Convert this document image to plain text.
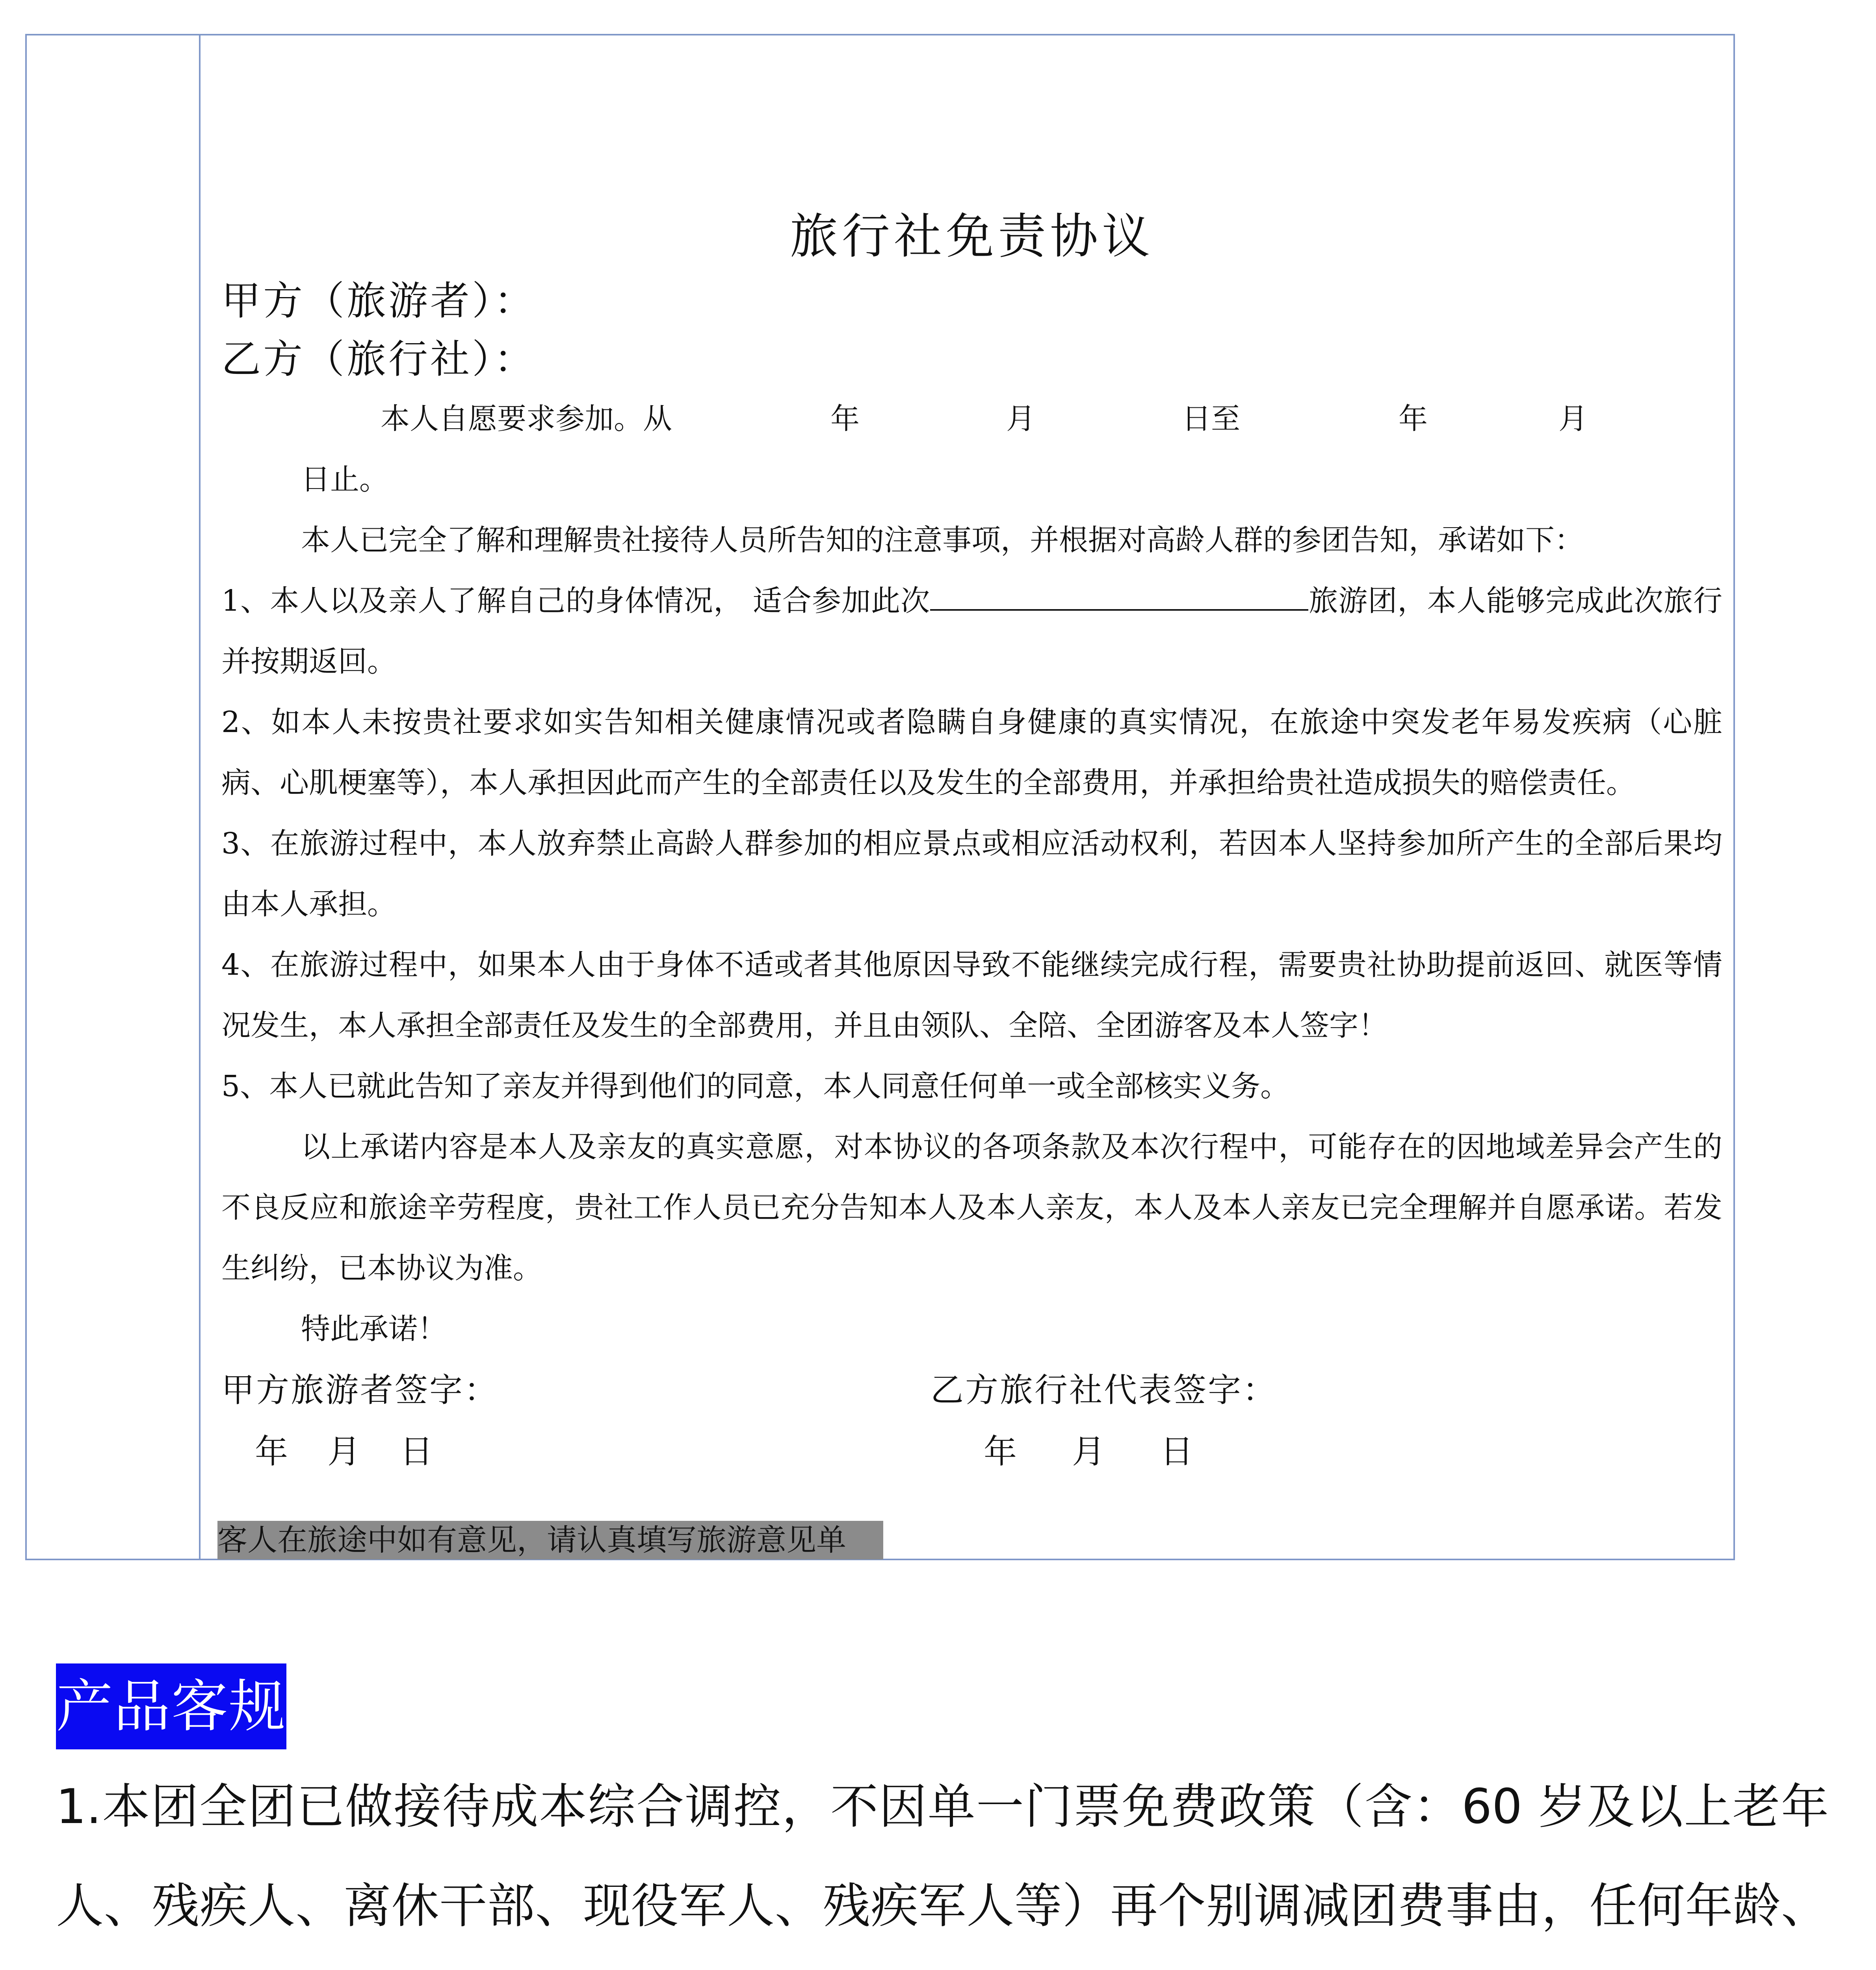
旅行社免责协议
甲方（旅游者）：
乙方（旅行社）：

本人自愿要求参加。从	年	月	日至	年	月日止。

本人已完全了解和理解贵社接待人员所告知的注意事项，并根据对高龄人群的参团告知，承诺如下：

1、本人以及亲人了解自己的身体情况， 适合参加此次	旅游团，本人能够完成此次旅行并按期返回。

2、如本人未按贵社要求如实告知相关健康情况或者隐瞒自身健康的真实情况，在旅途中突发老年易发疾病（心脏病、心肌梗塞等），本人承担因此而产生的全部责任以及发生的全部费用，并承担给贵社造成损失的赔偿责任。

3、在旅游过程中，本人放弃禁止高龄人群参加的相应景点或相应活动权利，若因本人坚持参加所产生的全部后果均由本人承担。

4、在旅游过程中，如果本人由于身体不适或者其他原因导致不能继续完成行程，需要贵社协助提前返回、就医等情况发生，本人承担全部责任及发生的全部费用，并且由领队、全陪、全团游客及本人签字！

5、本人已就此告知了亲友并得到他们的同意，本人同意任何单一或全部核实义务。

以上承诺内容是本人及亲友的真实意愿，对本协议的各项条款及本次行程中，可能存在的因地域差异会产生的不良反应和旅途辛劳程度，贵社工作人员已充分告知本人及本人亲友，本人及本人亲友已完全理解并自愿承诺。若发生纠纷，已本协议为准。

特此承诺！

甲方旅游者签字：	乙方旅行社代表签字：
年 月 日	年 月 日
客人在旅途中如有意见，请认真填写旅游意见单
产品客规

1.本团全团已做接待成本综合调控，不因单一门票免费政策（含：60 岁及以上老年人、残疾人、离休干部、现役军人、残疾军人等）再个别调减团费事由，任何年龄、
